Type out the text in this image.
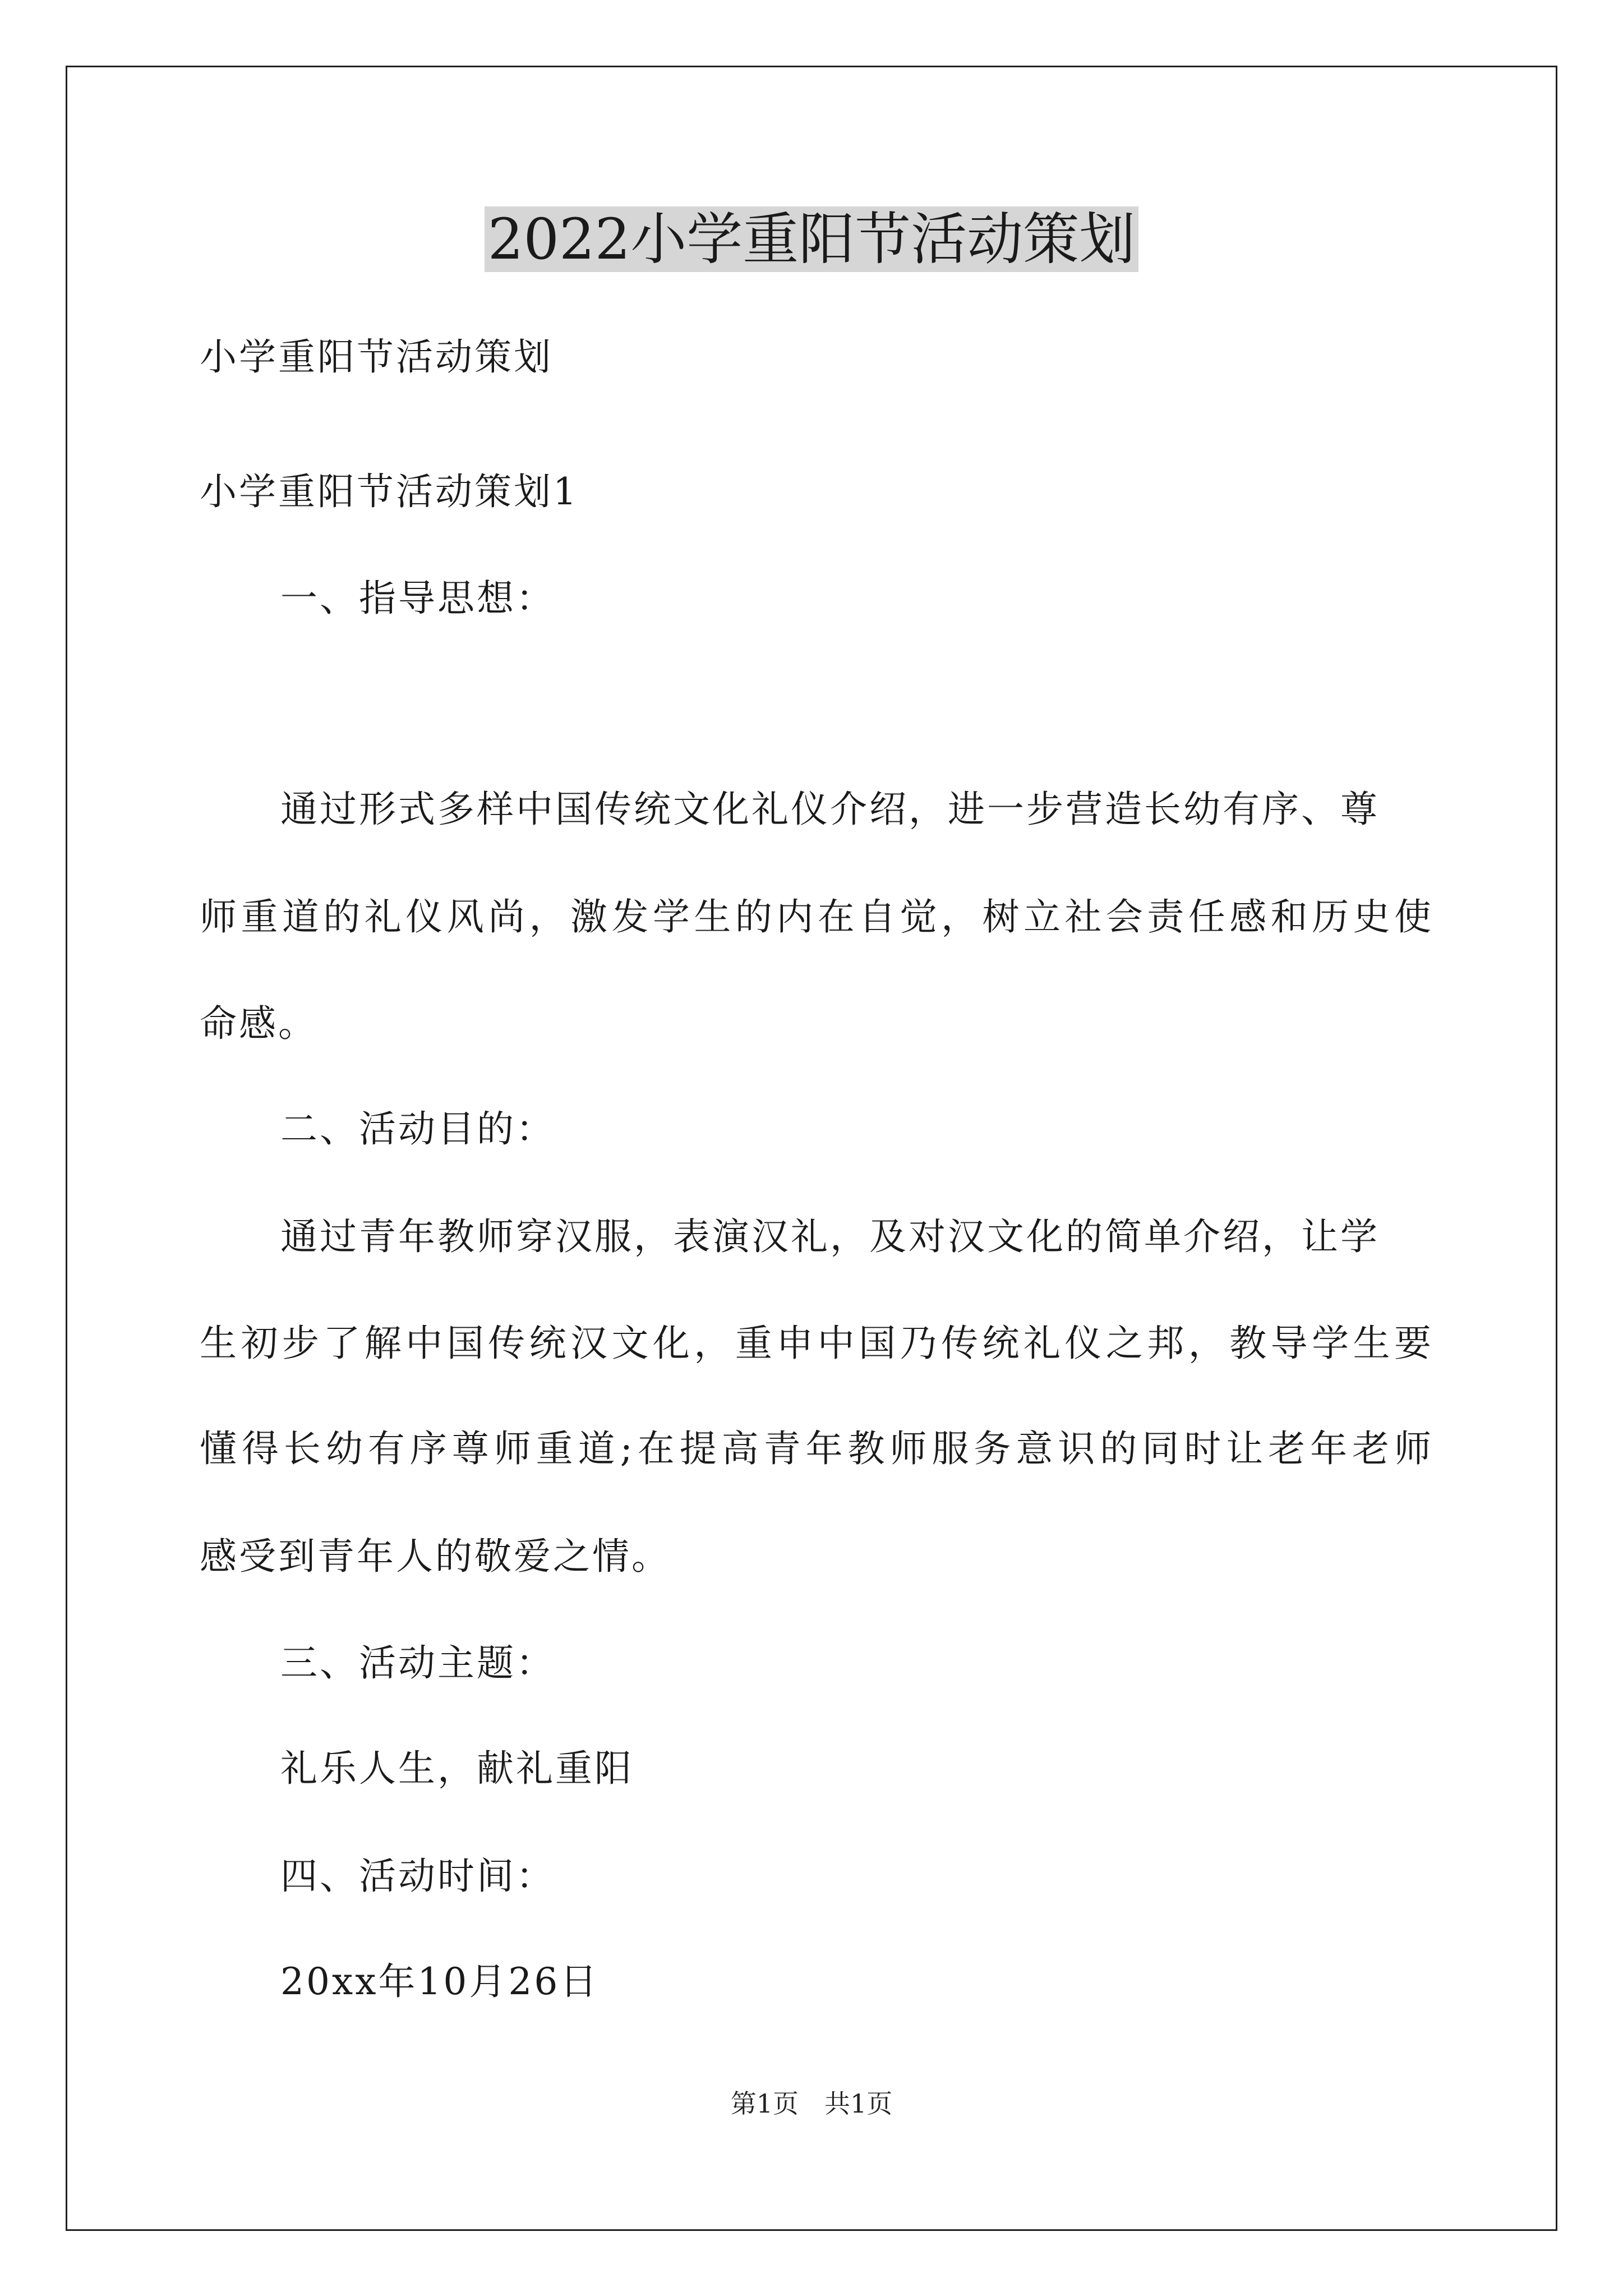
2022小学重阳节活动策划
小学重阳节活动策划
小学重阳节活动策划1
一、指导思想：
通过形式多样中国传统文化礼仪介绍，进一步营造长幼有序、尊
师重道的礼仪风尚，激发学生的内在自觉，树立社会责任感和历史使
命感。
二、活动目的：
通过青年教师穿汉服，表演汉礼，及对汉文化的简单介绍，让学
生初步了解中国传统汉文化，重申中国乃传统礼仪之邦，教导学生要
懂得长幼有序尊师重道;在提高青年教师服务意识的同时让老年老师
感受到青年人的敬爱之情。
三、活动主题：
礼乐人生，献礼重阳
四、活动时间：
20xx年10月26日
第1页 共1页
